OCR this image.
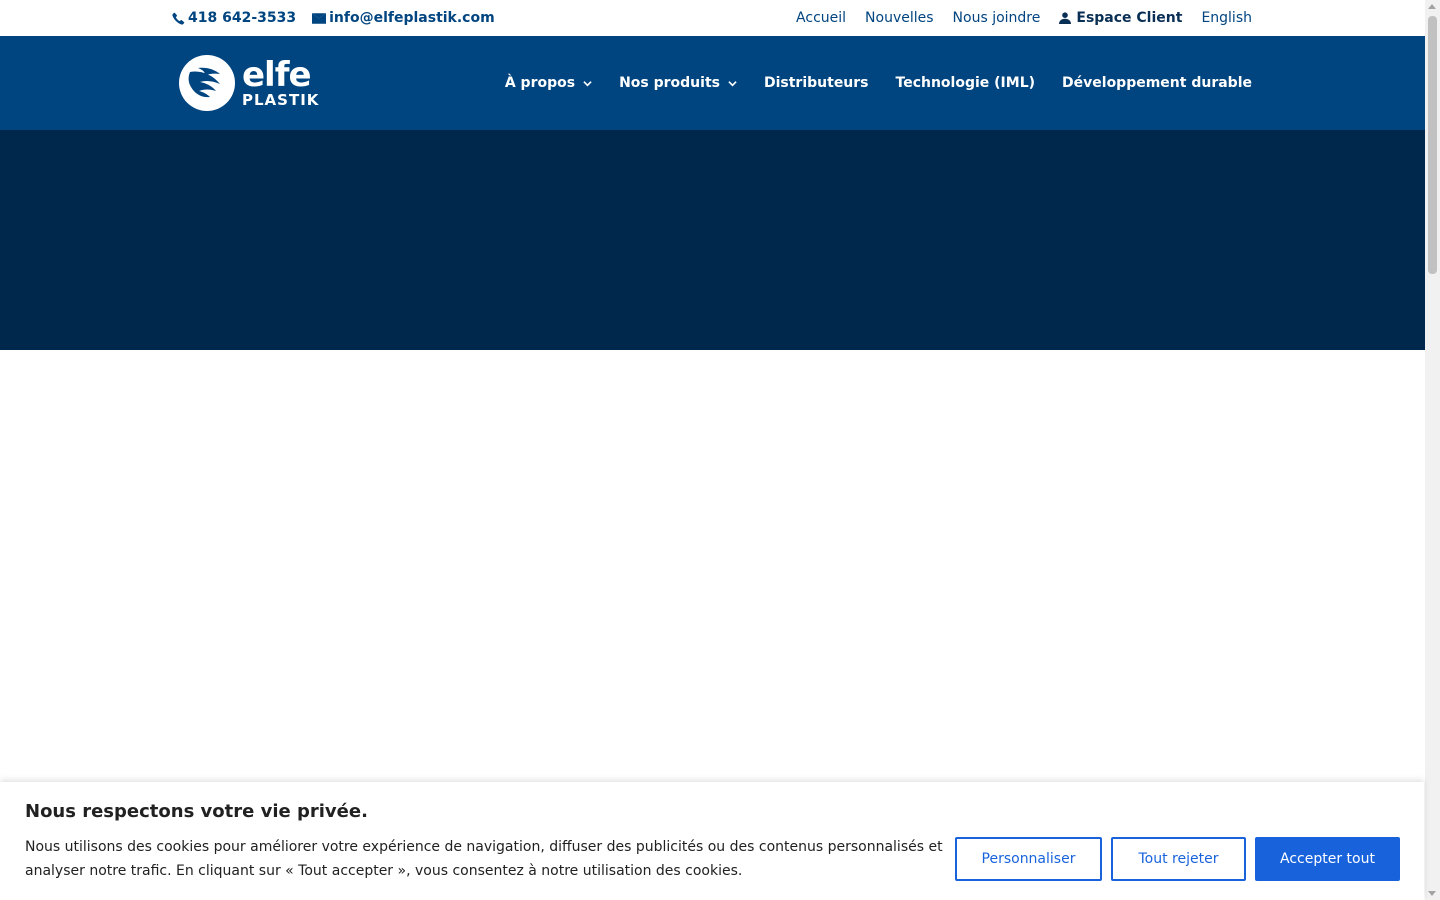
418 642-3533 info@elfeplastik.com	Accueil Nouvelles Nous joindre	Espace Client English
elfe
PLASTIK
À propos	Nos produits	Distributeurs Technologie (IML) Développement durable
Nous respectons votre vie privée.
Nous utilisons des cookies pour améliorer votre expérience de navigation, diffuser des publicités ou des contenus personnalisés et analyser notre trafic. En cliquant sur « Tout accepter », vous consentez à notre utilisation des cookies.
Personnaliser	Tout rejeter	Accepter tout
